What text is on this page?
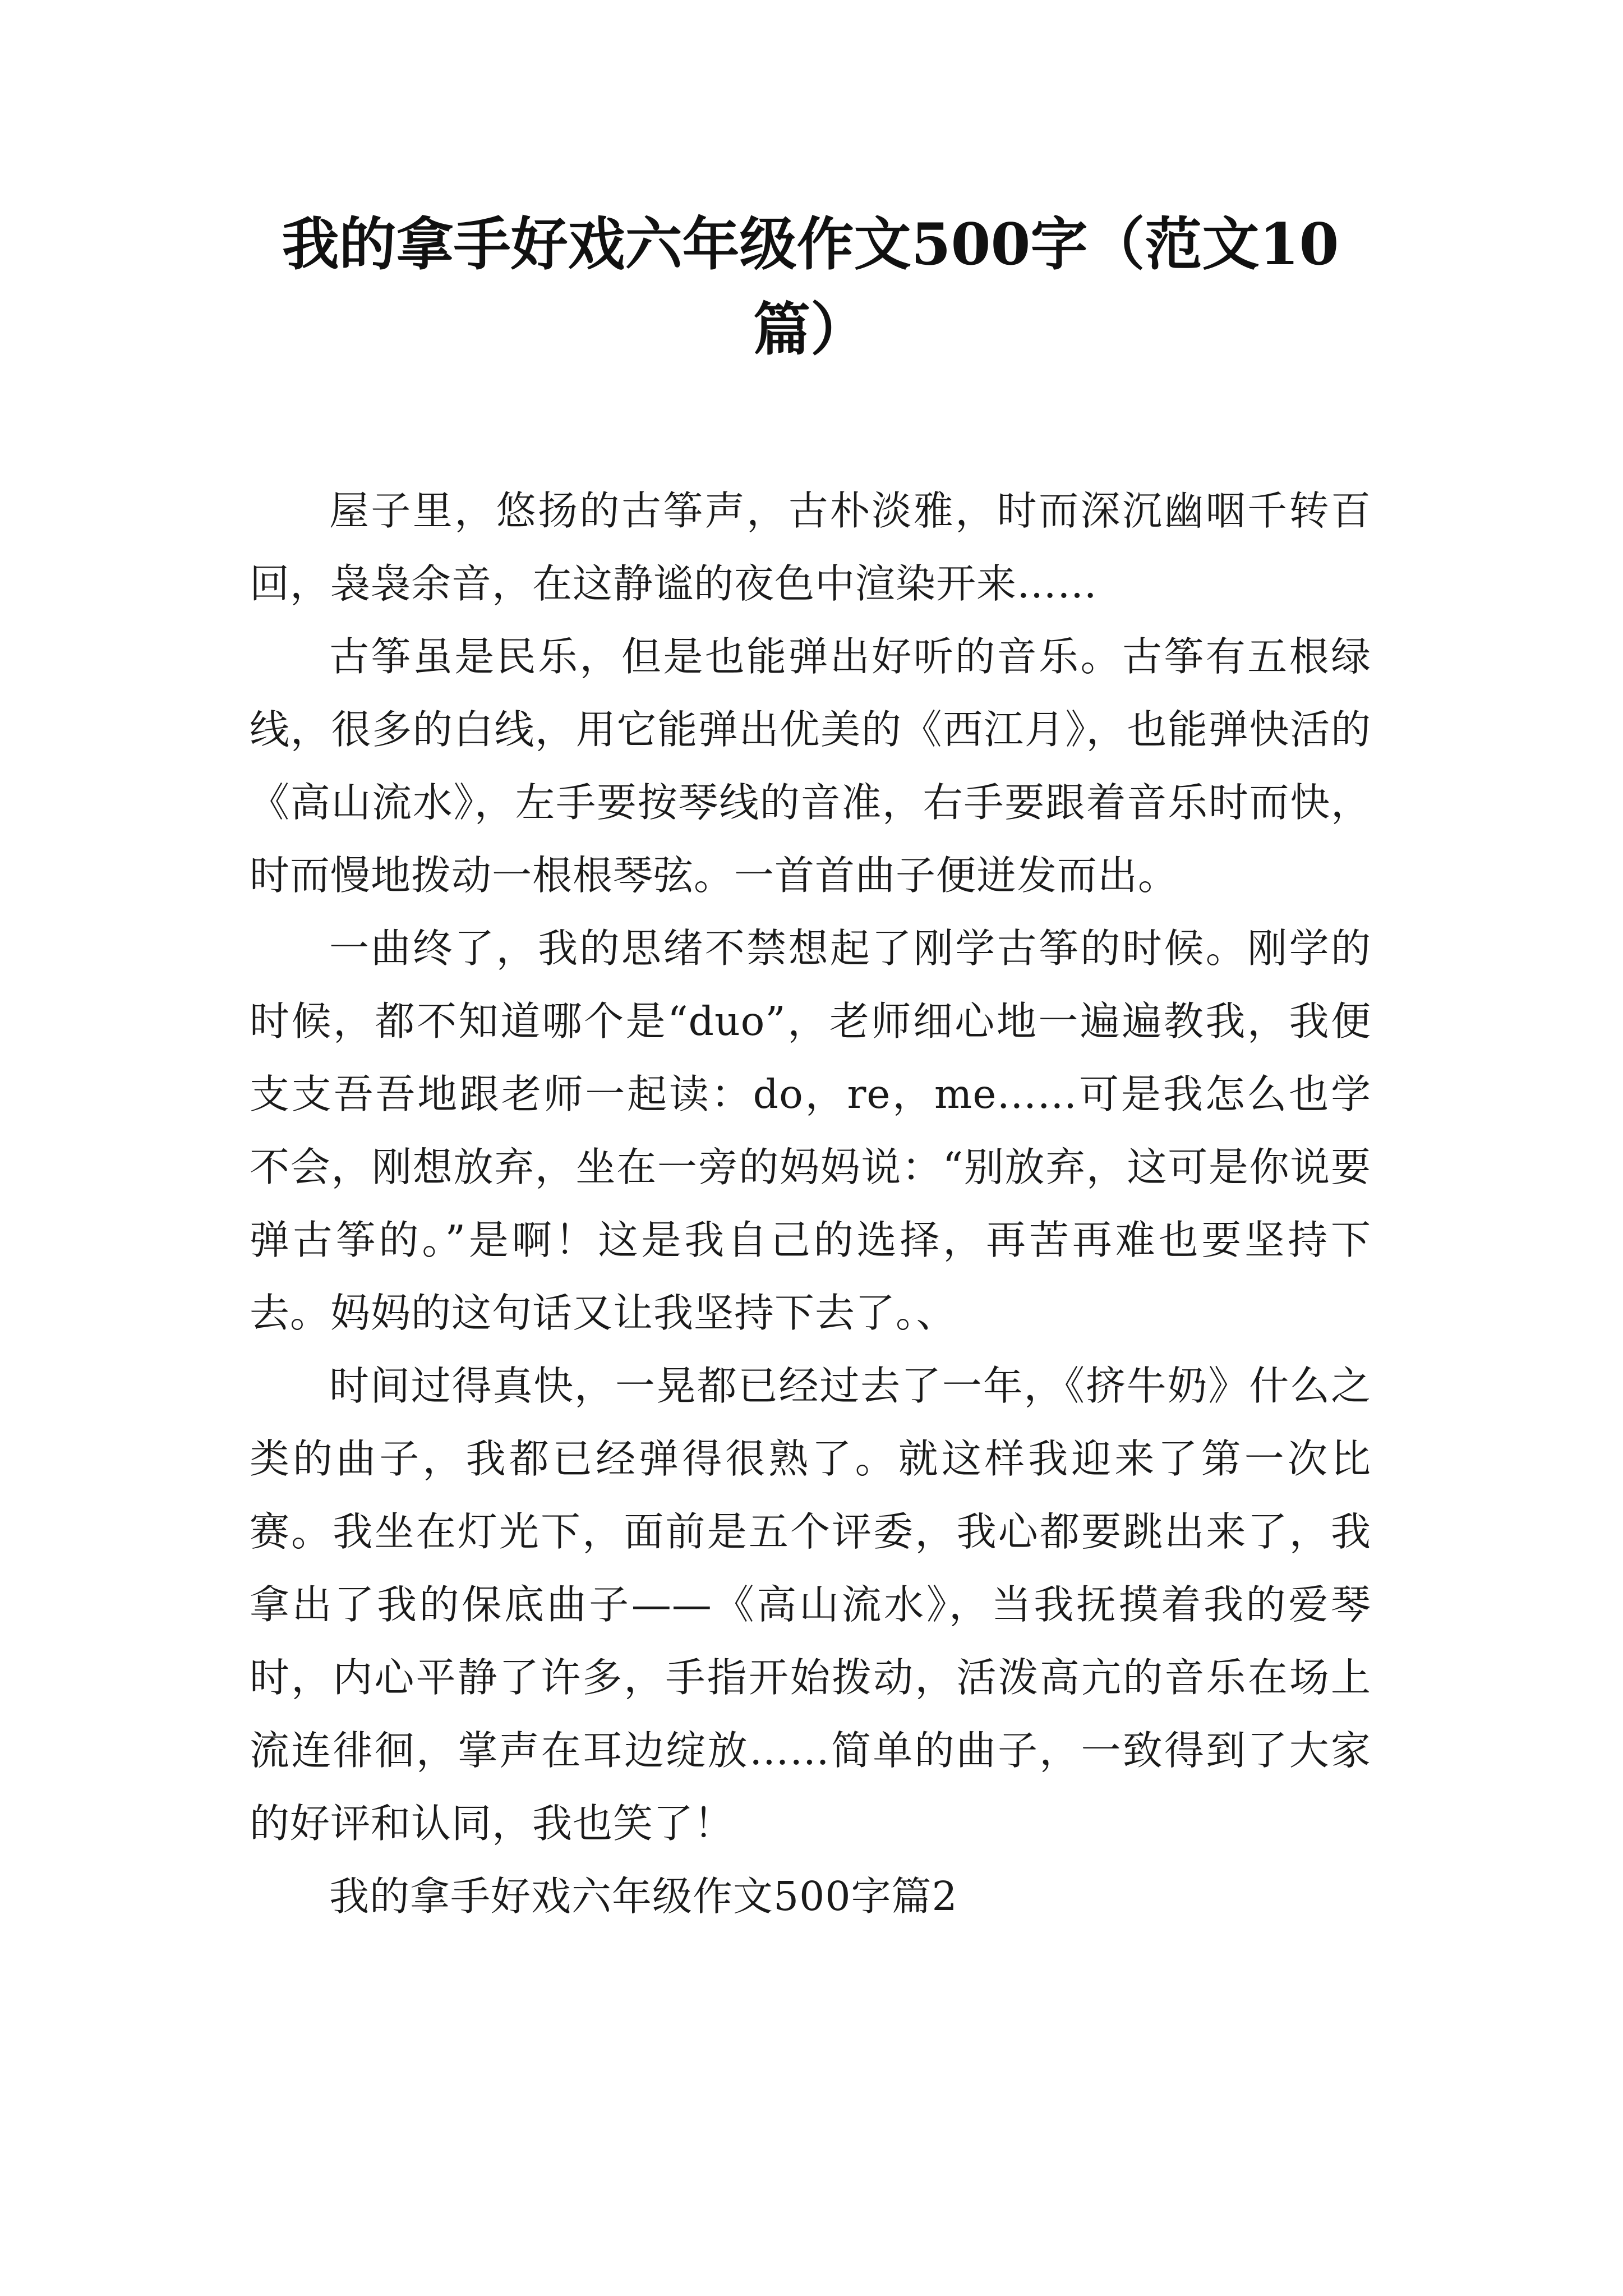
我的拿手好戏六年级作文500字（范文10篇）

屋子里，悠扬的古筝声，古朴淡雅，时而深沉幽咽千转百回，袅袅余音，在这静谧的夜色中渲染开来……

古筝虽是民乐，但是也能弹出好听的音乐。古筝有五根绿线，很多的白线，用它能弹出优美的《西江月》，也能弹快活的《高山流水》，左手要按琴线的音准，右手要跟着音乐时而快，时而慢地拨动一根根琴弦。一首首曲子便迸发而出。

一曲终了，我的思绪不禁想起了刚学古筝的时候。刚学的时候，都不知道哪个是“duo”，老师细心地一遍遍教我，我便支支吾吾地跟老师一起读：do，re，me……可是我怎么也学不会，刚想放弃，坐在一旁的妈妈说：“别放弃，这可是你说要弹古筝的。”是啊！这是我自己的选择，再苦再难也要坚持下去。妈妈的这句话又让我坚持下去了。、

时间过得真快，一晃都已经过去了一年，《挤牛奶》什么之类的曲子，我都已经弹得很熟了。就这样我迎来了第一次比赛。我坐在灯光下，面前是五个评委，我心都要跳出来了，我拿出了我的保底曲子——《高山流水》，当我抚摸着我的爱琴时，内心平静了许多，手指开始拨动，活泼高亢的音乐在场上流连徘徊，掌声在耳边绽放……简单的曲子，一致得到了大家的好评和认同，我也笑了！

我的拿手好戏六年级作文500字篇2
